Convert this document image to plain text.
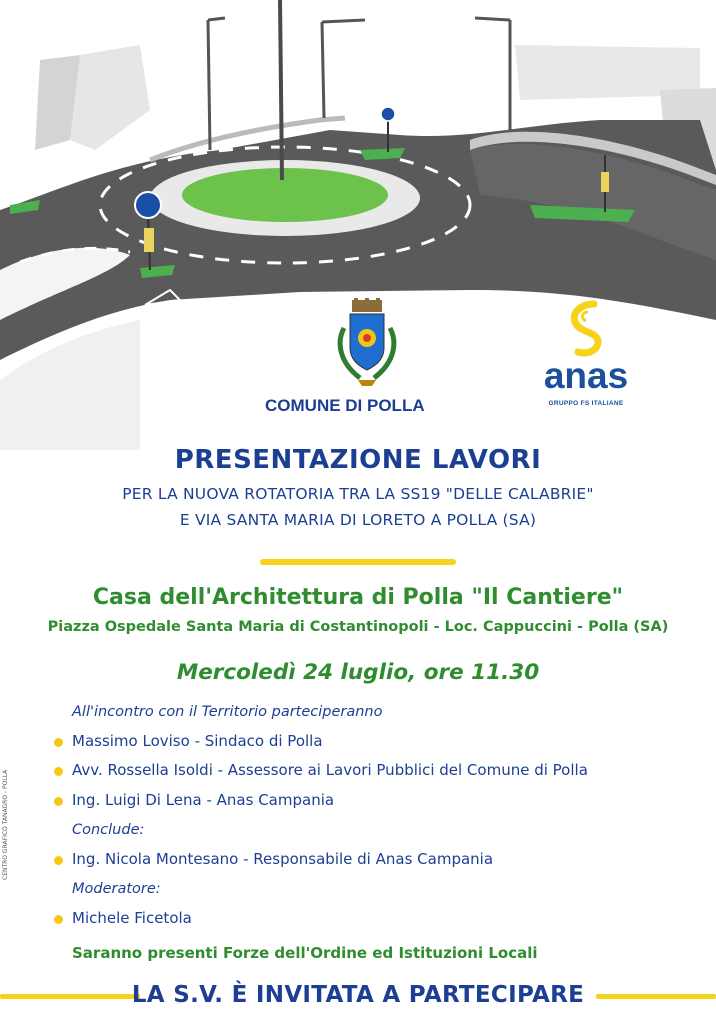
COMUNE DI POLLA
anas
GRUPPO FS ITALIANE
PRESENTAZIONE LAVORI
PER LA NUOVA ROTATORIA TRA LA SS19 "DELLE CALABRIE"
E VIA SANTA MARIA DI LORETO A POLLA (SA)
Casa dell'Architettura di Polla "Il Cantiere"
Piazza Ospedale Santa Maria di Costantinopoli - Loc. Cappuccini - Polla (SA)
Mercoledì 24 luglio, ore 11.30
All'incontro con il Territorio parteciperanno
Massimo Loviso - Sindaco di Polla
Avv. Rossella Isoldi - Assessore ai Lavori Pubblici del Comune di Polla
Ing. Luigi Di Lena - Anas Campania
Conclude:
Ing. Nicola Montesano - Responsabile di Anas Campania
Moderatore:
Michele Ficetola
Saranno presenti Forze dell'Ordine ed Istituzioni Locali
LA S.V. È INVITATA A PARTECIPARE
CENTRO GRAFICO TANAGRO - POLLA
